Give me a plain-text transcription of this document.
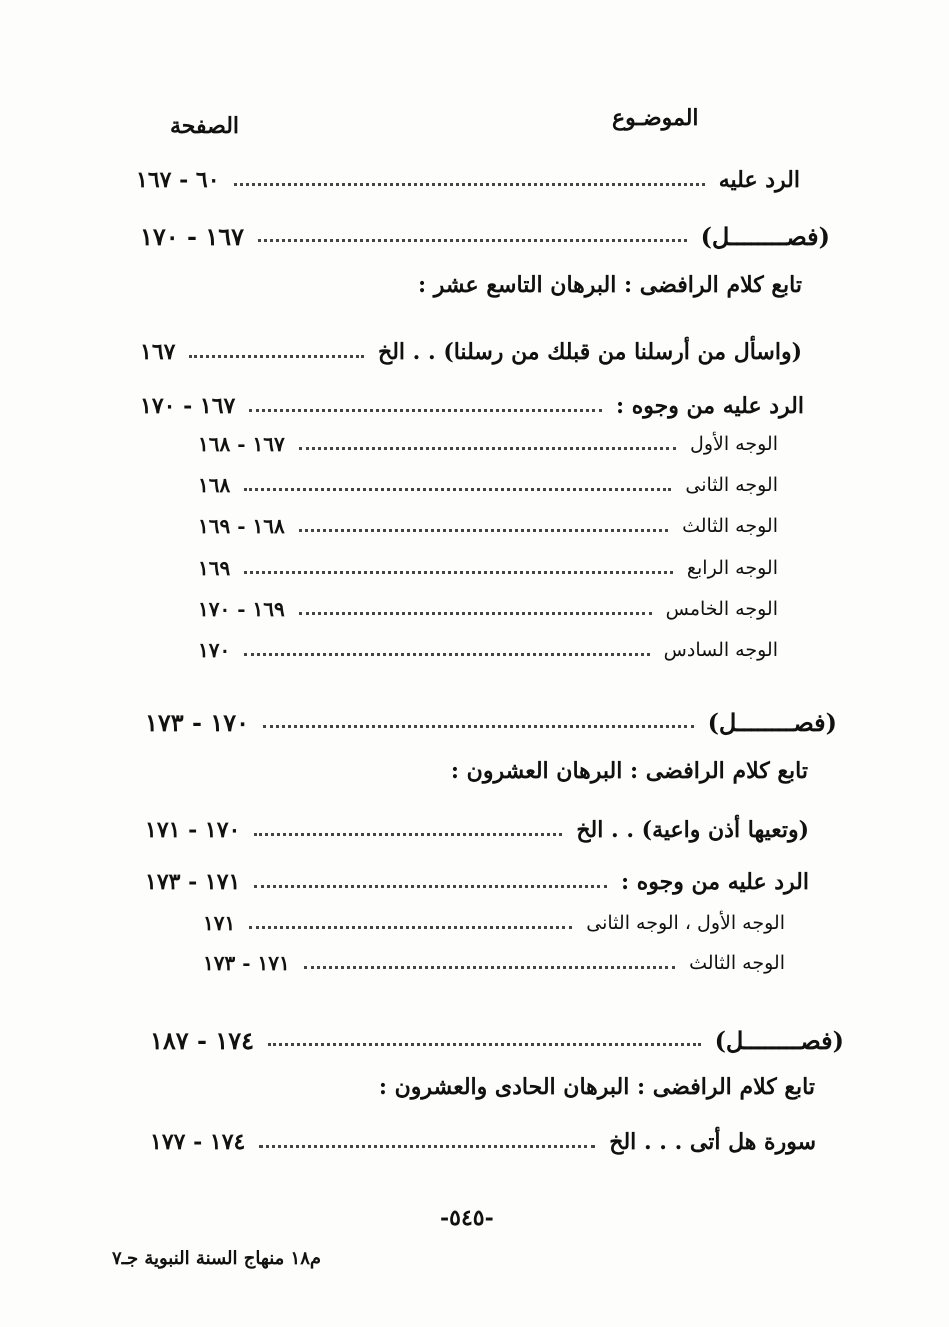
الموضـوع
الصفحة
الرد عليه
٦٠ - ١٦٧
(فصــــــــل)
١٦٧ - ١٧٠
تابع كلام الرافضى : البرهان التاسع عشر :
(واسأل من أرسلنا من قبلك من رسلنا) . . الخ
١٦٧
الرد عليه من وجوه :
١٦٧ - ١٧٠
الوجه الأول
١٦٧ - ١٦٨
الوجه الثانى
١٦٨
الوجه الثالث
١٦٨ - ١٦٩
الوجه الرابع
١٦٩
الوجه الخامس
١٦٩ - ١٧٠
الوجه السادس
١٧٠
(فصــــــــل)
١٧٠ - ١٧٣
تابع كلام الرافضى : البرهان العشرون :
(وتعيها أذن واعية) . . الخ
١٧٠ - ١٧١
الرد عليه من وجوه :
١٧١ - ١٧٣
الوجه الأول ، الوجه الثانى
١٧١
الوجه الثالث
١٧١ - ١٧٣
(فصــــــــل)
١٧٤ - ١٨٧
تابع كلام الرافضى : البرهان الحادى والعشرون :
سورة هل أتى . . . الخ
١٧٤ - ١٧٧
-٥٤٥-
م١٨ منهاج السنة النبوية جـ٧
